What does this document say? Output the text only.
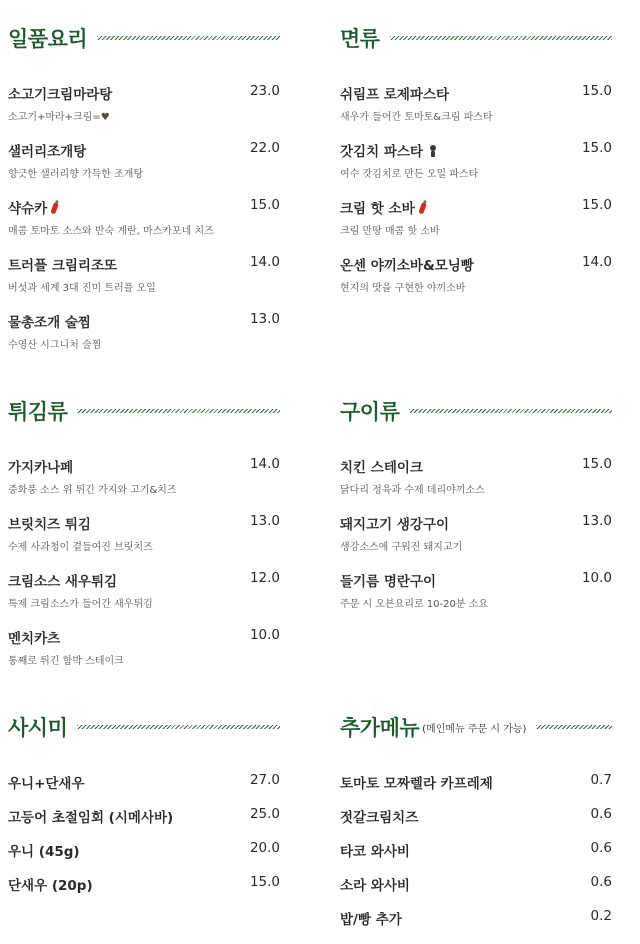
일품요리
소고기크림마라탕	23.0
소고기+마라+크림=♥
샐러리조개탕	22.0
향긋한 샐러리향 가득한 조개탕
샥슈카	15.0
매콤 토마토 소스와 반숙 계란, 마스카포네 치즈
트러플 크림리조또	14.0
버섯과 세계 3대 진미 트러플 오일
물총조개 술찜	13.0
수영산 시그니처 술찜
면류
쉬림프 로제파스타	15.0
새우가 들어간 토마토&크림 파스타
갓김치 파스타	15.0
여수 갓김치로 만든 오일 파스타
크림 핫 소바	15.0
크림 만땅 매콤 핫 소바
온센 야끼소바&모닝빵	14.0
현지의 맛을 구현한 야끼소바
튀김류
가지카나페	14.0
중화풍 소스 위 튀긴 가지와 고기&치즈
브릿치즈 튀김	13.0
수제 사과청이 곁들여진 브릿치즈
크림소스 새우튀김	12.0
특제 크림소스가 들어간 새우튀김
멘치카츠	10.0
통째로 튀긴 함박 스테이크
구이류
치킨 스테이크	15.0
닭다리 정육과 수제 데리야끼소스
돼지고기 생강구이	13.0
생강소스에 구워진 돼지고기
들기름 명란구이	10.0
주문 시 오븐요리로 10-20분 소요
사시미
우니+단새우	27.0
고등어 초절임회 (시메사바)	25.0
우니 (45g)	20.0
단새우 (20p)	15.0
추가메뉴 (메인메뉴 주문 시 가능)
토마토 모짜렐라 카프레제	0.7
젓갈크림치즈	0.6
타코 와사비	0.6
소라 와사비	0.6
밥/빵 추가	0.2
